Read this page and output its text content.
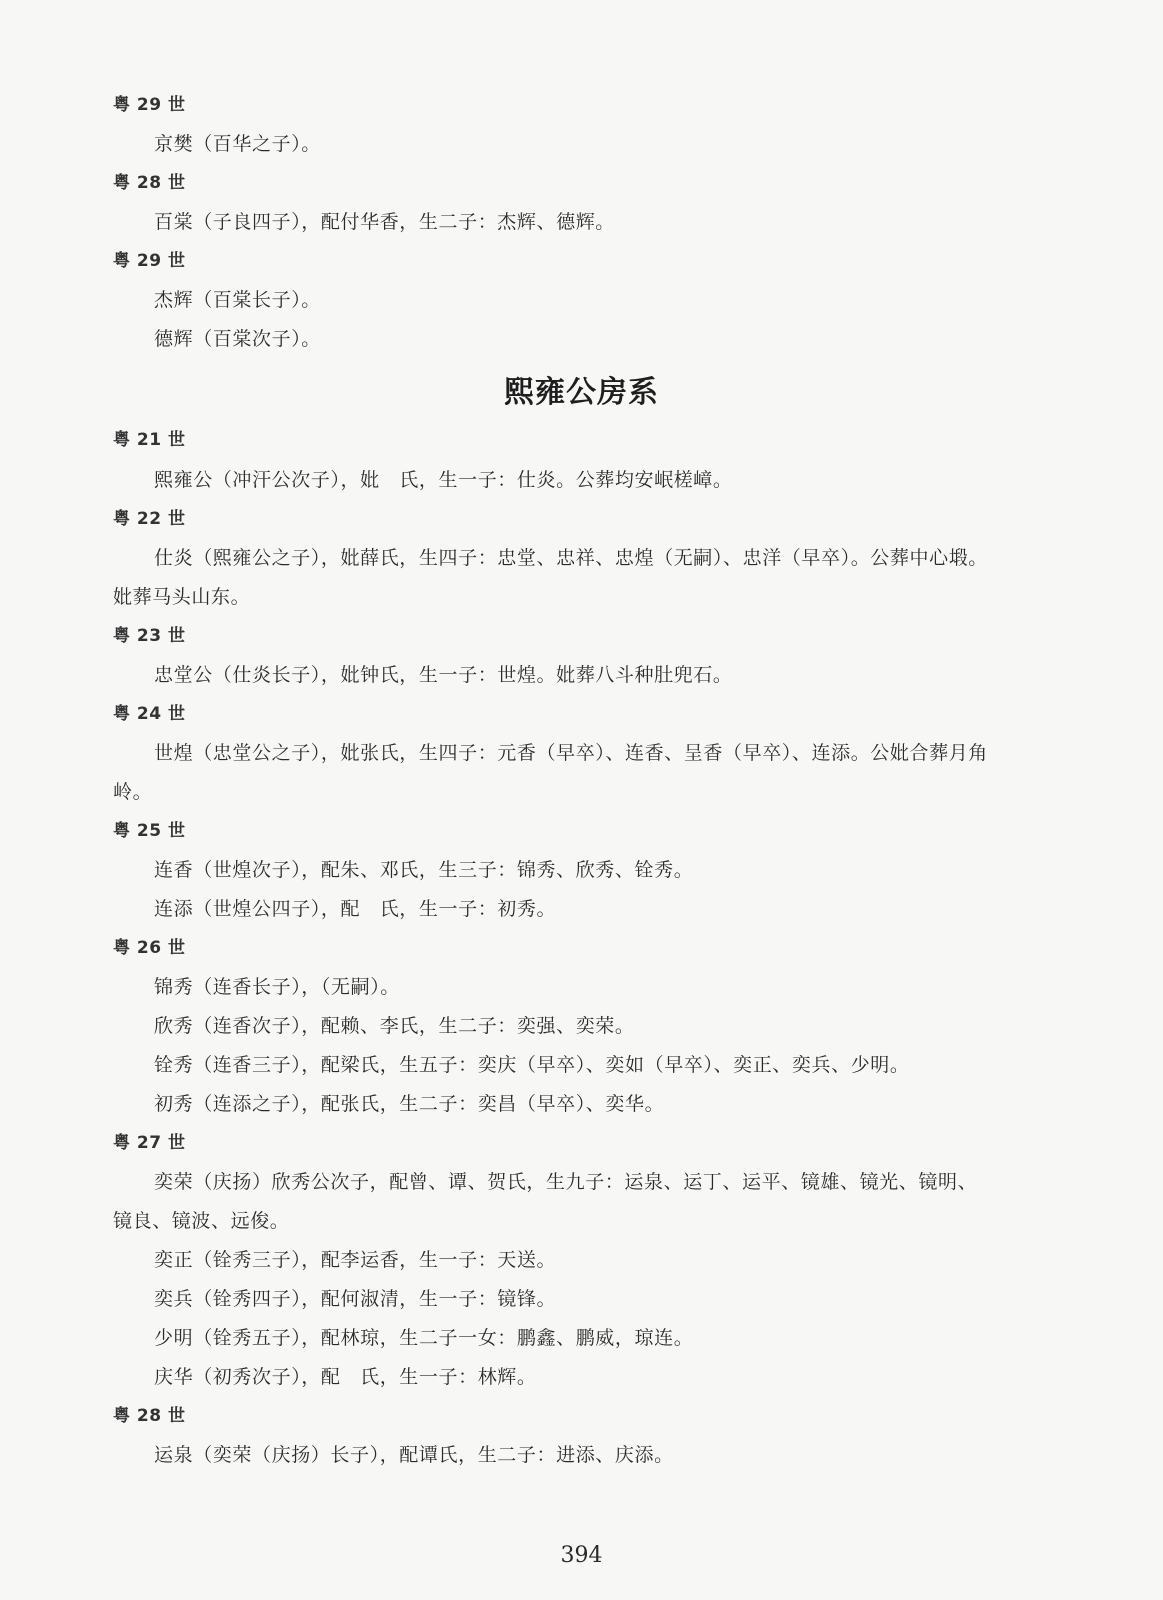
粤 29 世
京樊（百华之子）。
粤 28 世
百棠（子良四子），配付华香，生二子：杰辉、德辉。
粤 29 世
杰辉（百棠长子）。
德辉（百棠次子）。
熙雍公房系
粤 21 世
熙雍公（冲汗公次子），妣　氏，生一子：仕炎。公葬均安岷槎嶂。
粤 22 世
仕炎（熙雍公之子），妣薛氏，生四子：忠堂、忠祥、忠煌（无嗣）、忠洋（早卒）。公葬中心塅。
妣葬马头山东。
粤 23 世
忠堂公（仕炎长子），妣钟氏，生一子：世煌。妣葬八斗种肚兜石。
粤 24 世
世煌（忠堂公之子），妣张氏，生四子：元香（早卒）、连香、呈香（早卒）、连添。公妣合葬月角
岭。
粤 25 世
连香（世煌次子），配朱、邓氏，生三子：锦秀、欣秀、铨秀。
连添（世煌公四子），配　氏，生一子：初秀。
粤 26 世
锦秀（连香长子），（无嗣）。
欣秀（连香次子），配赖、李氏，生二子：奕强、奕荣。
铨秀（连香三子），配梁氏，生五子：奕庆（早卒）、奕如（早卒）、奕正、奕兵、少明。
初秀（连添之子），配张氏，生二子：奕昌（早卒）、奕华。
粤 27 世
奕荣（庆扬）欣秀公次子，配曾、谭、贺氏，生九子：运泉、运丁、运平、镜雄、镜光、镜明、
镜良、镜波、远俊。
奕正（铨秀三子），配李运香，生一子：天送。
奕兵（铨秀四子），配何淑清，生一子：镜锋。
少明（铨秀五子），配林琼，生二子一女：鹏鑫、鹏威，琼连。
庆华（初秀次子），配　氏，生一子：林辉。
粤 28 世
运泉（奕荣（庆扬）长子），配谭氏，生二子：进添、庆添。
394
